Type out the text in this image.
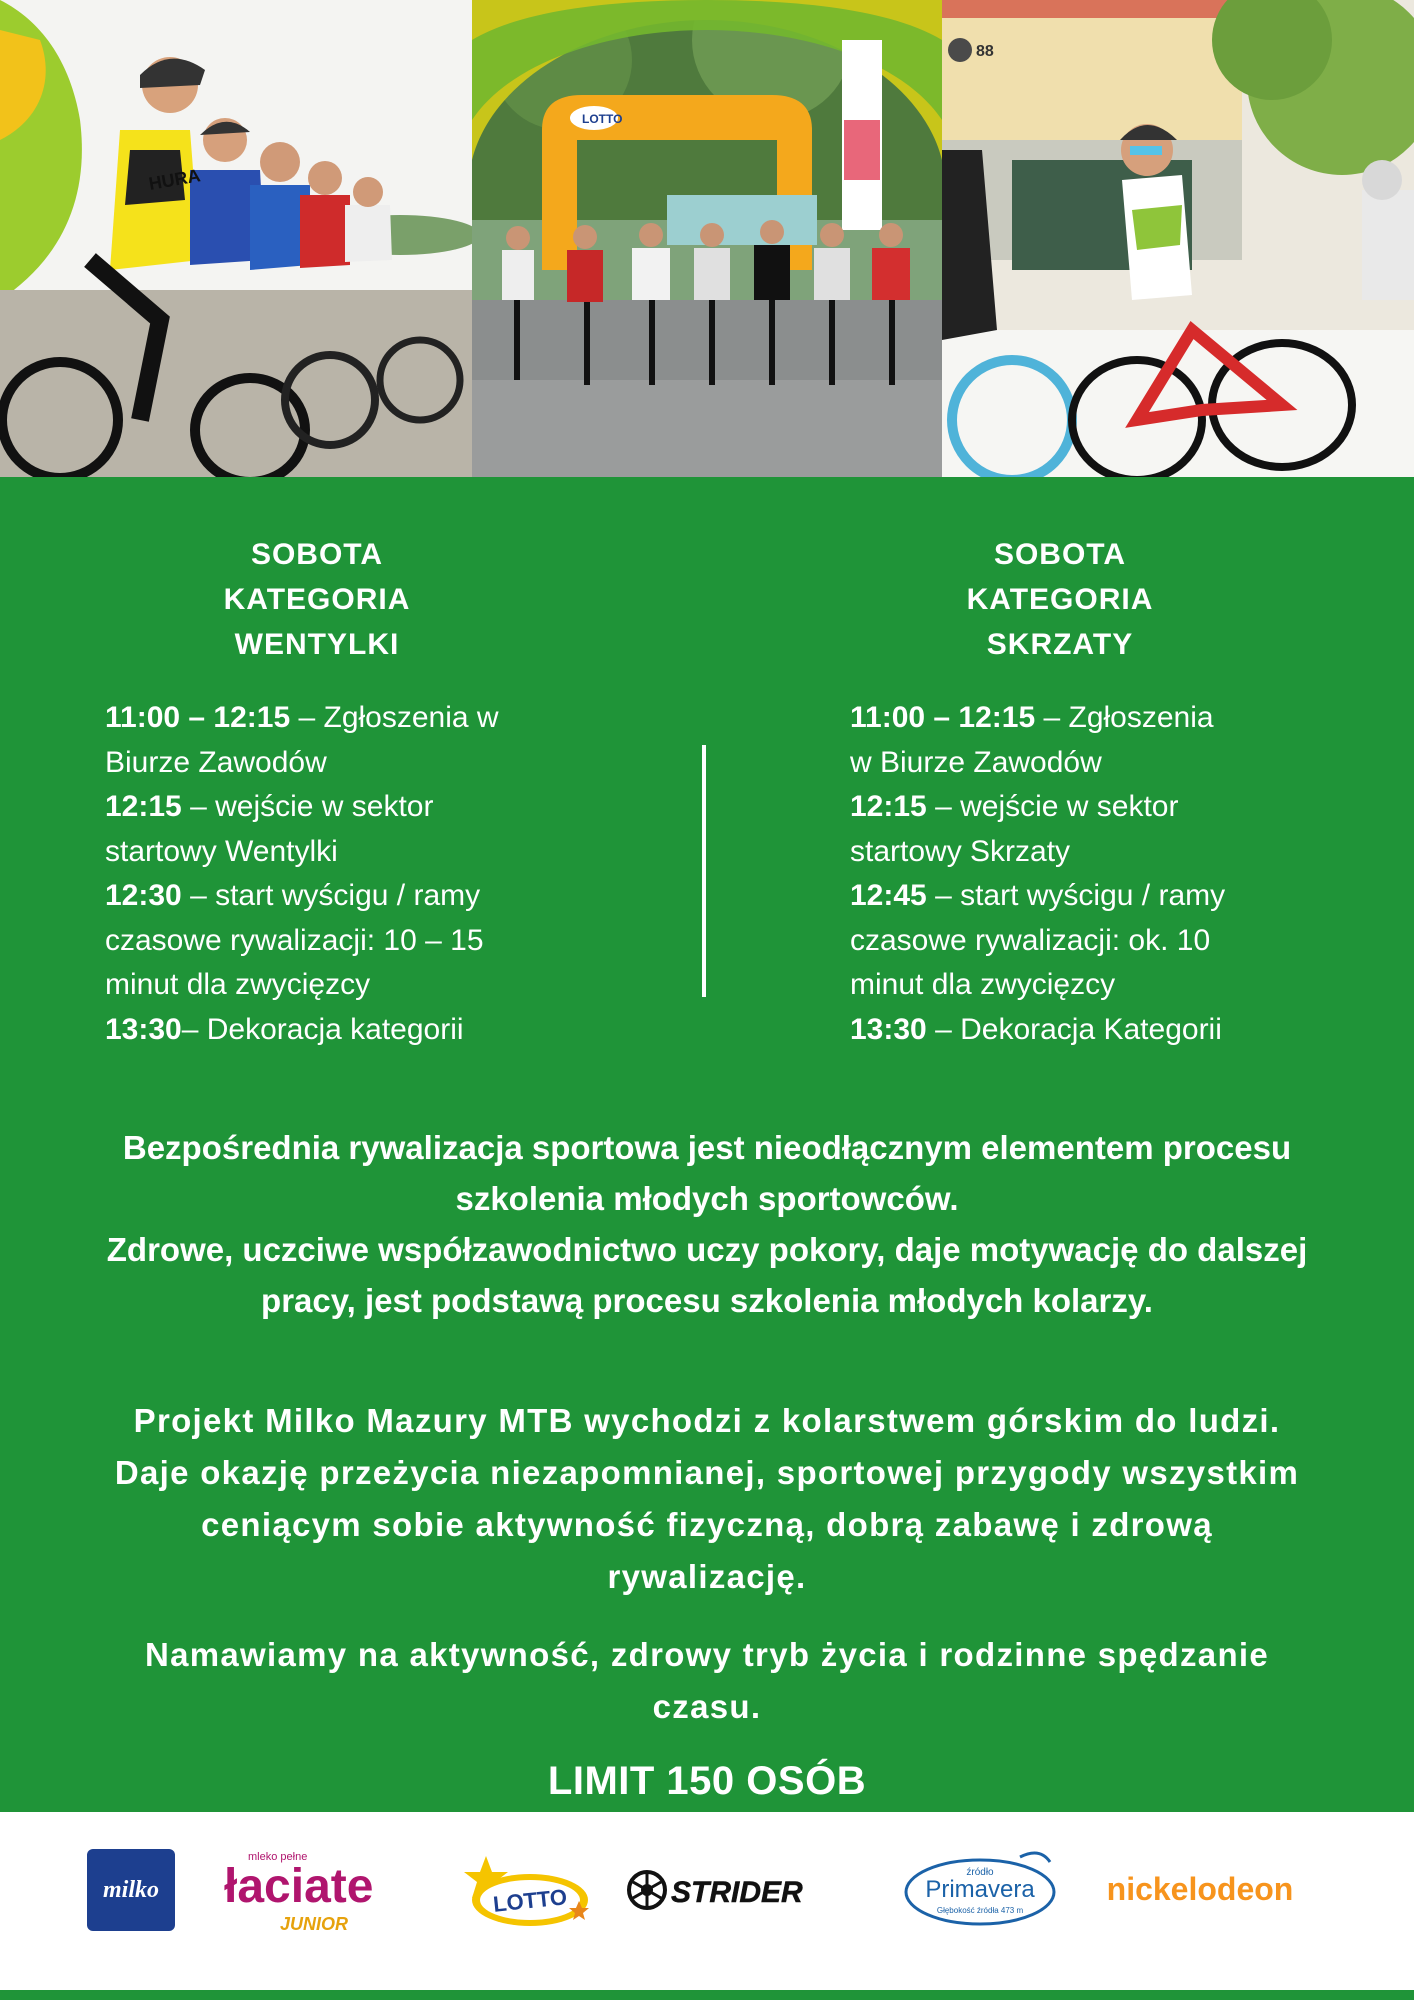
HURA
LOTTO
88
SOBOTA
KATEGORIA
WENTYLKI
SOBOTA
KATEGORIA
SKRZATY

11:00 – 12:15 – Zgłoszenia w

Biurze Zawodów

12:15 – wejście w sektor

startowy Wentylki

12:30 – start wyścigu / ramy

czasowe rywalizacji: 10 – 15

minut dla zwycięzcy

13:30– Dekoracja kategorii

11:00 – 12:15 – Zgłoszenia

w Biurze Zawodów

12:15 – wejście w sektor

startowy Skrzaty

12:45 – start wyścigu / ramy

czasowe rywalizacji: ok. 10

minut dla zwycięzcy

13:30 – Dekoracja Kategorii

Bezpośrednia rywalizacja sportowa jest nieodłącznym elementem procesu
szkolenia młodych sportowców.
Zdrowe, uczciwe współzawodnictwo uczy pokory, daje motywację do dalszej
pracy, jest podstawą procesu szkolenia młodych kolarzy.
Projekt Milko Mazury MTB wychodzi z kolarstwem górskim do ludzi.
Daje okazję przeżycia niezapomnianej, sportowej przygody wszystkim
ceniącym sobie aktywność fizyczną, dobrą zabawę i zdrową
rywalizację.
Namawiamy na aktywność, zdrowy tryb życia i rodzinne spędzanie
czasu.
LIMIT 150 OSÓB
milko
mleko pełne
łaciate
JUNIOR
LOTTO	STRIDER
źródło
Primavera
Głębokość źródła 473 m
nickelodeon
